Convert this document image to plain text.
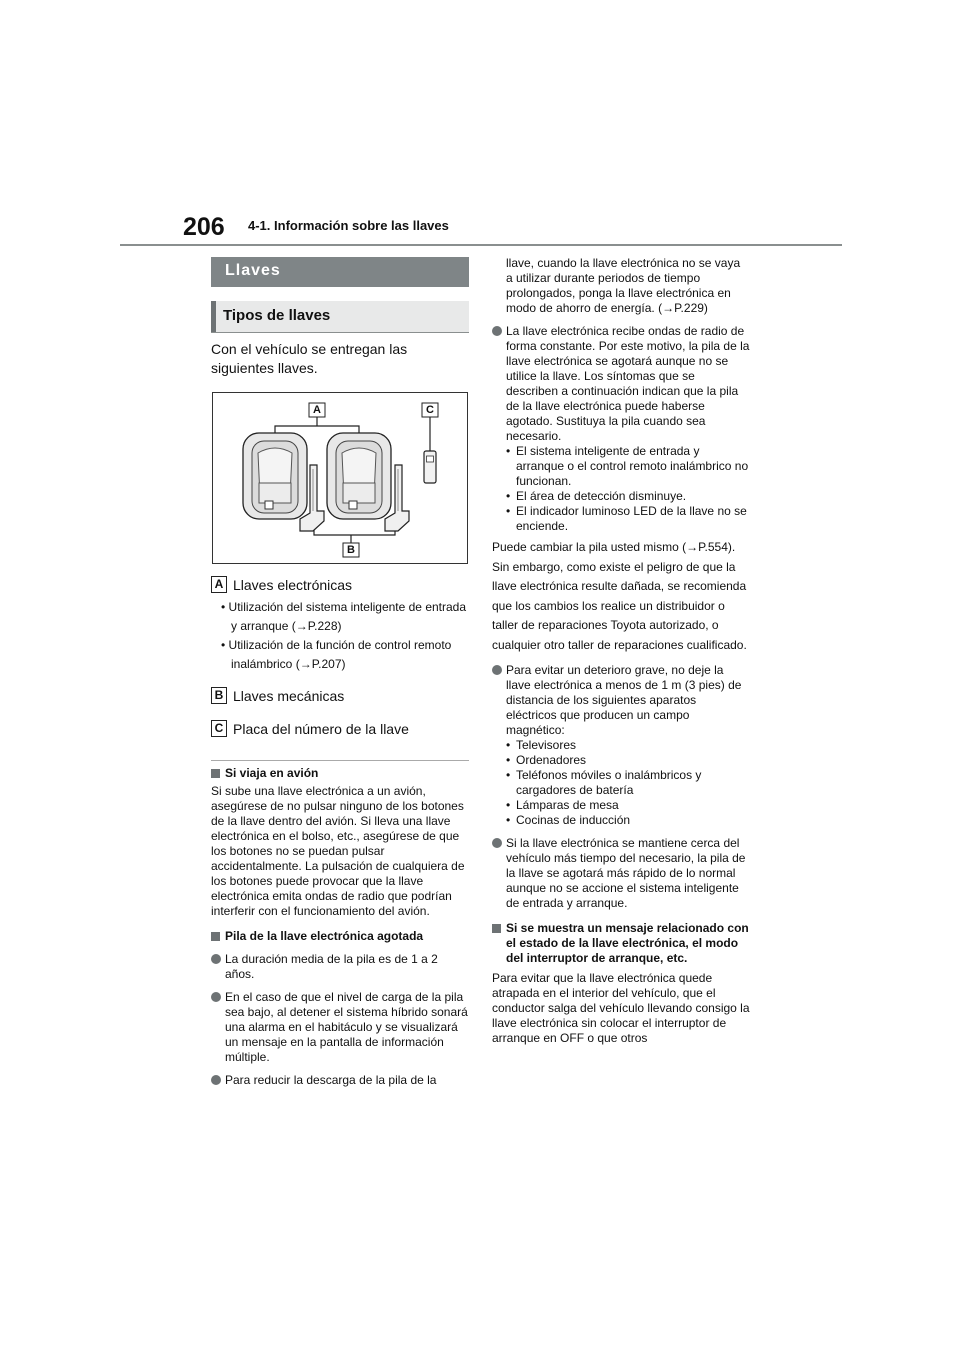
206 4-1. Información sobre las llaves
Llaves
Tipos de llaves
Con el vehículo se entregan las siguientes llaves.
A
B
C
A Llaves electrónicas
• Utilización del sistema inteligente de entrada y arranque (→P.228)
• Utilización de la función de control remoto inalámbrico (→P.207)
B Llaves mecánicas
C Placa del número de la llave

Si viaja en avión

Si sube una llave electrónica a un avión, asegúrese de no pulsar ninguno de los botones de la llave dentro del avión. Si lleva una llave electrónica en el bolso, etc., asegúrese de que los botones no se puedan pulsar accidentalmente. La pulsación de cualquiera de los botones puede provocar que la llave electrónica emita ondas de radio que podrían interferir con el funcionamiento del avión.

Pila de la llave electrónica agotada

La duración media de la pila es de 1 a 2 años.

En el caso de que el nivel de carga de la pila sea bajo, al detener el sistema híbrido sonará una alarma en el habitáculo y se visualizará un mensaje en la pantalla de información múltiple.

Para reducir la descarga de la pila de la

llave, cuando la llave electrónica no se vaya a utilizar durante periodos de tiempo prolongados, ponga la llave electrónica en modo de ahorro de energía. (→P.229)

La llave electrónica recibe ondas de radio de forma constante. Por este motivo, la pila de la llave electrónica se agotará aunque no se utilice la llave. Los síntomas que se describen a continuación indican que la pila de la llave electrónica puede haberse agotado. Sustituya la pila cuando sea necesario.

• El sistema inteligente de entrada y arranque o el control remoto inalámbrico no funcionan.

• El área de detección disminuye.

• El indicador luminoso LED de la llave no se enciende.

Puede cambiar la pila usted mismo (→P.554). Sin embargo, como existe el peligro de que la llave electrónica resulte dañada, se recomienda que los cambios los realice un distribuidor o taller de reparaciones Toyota autorizado, o cualquier otro taller de reparaciones cualificado.

Para evitar un deterioro grave, no deje la llave electrónica a menos de 1 m (3 pies) de distancia de los siguientes aparatos eléctricos que producen un campo magnético:

• Televisores

• Ordenadores

• Teléfonos móviles o inalámbricos y cargadores de batería

• Lámparas de mesa

• Cocinas de inducción

Si la llave electrónica se mantiene cerca del vehículo más tiempo del necesario, la pila de la llave se agotará más rápido de lo normal aunque no se accione el sistema inteligente de entrada y arranque.

Si se muestra un mensaje relacionado con el estado de la llave electrónica, el modo del interruptor de arranque, etc.

Para evitar que la llave electrónica quede atrapada en el interior del vehículo, que el conductor salga del vehículo llevando consigo la llave electrónica sin colocar el interruptor de arranque en OFF o que otros
